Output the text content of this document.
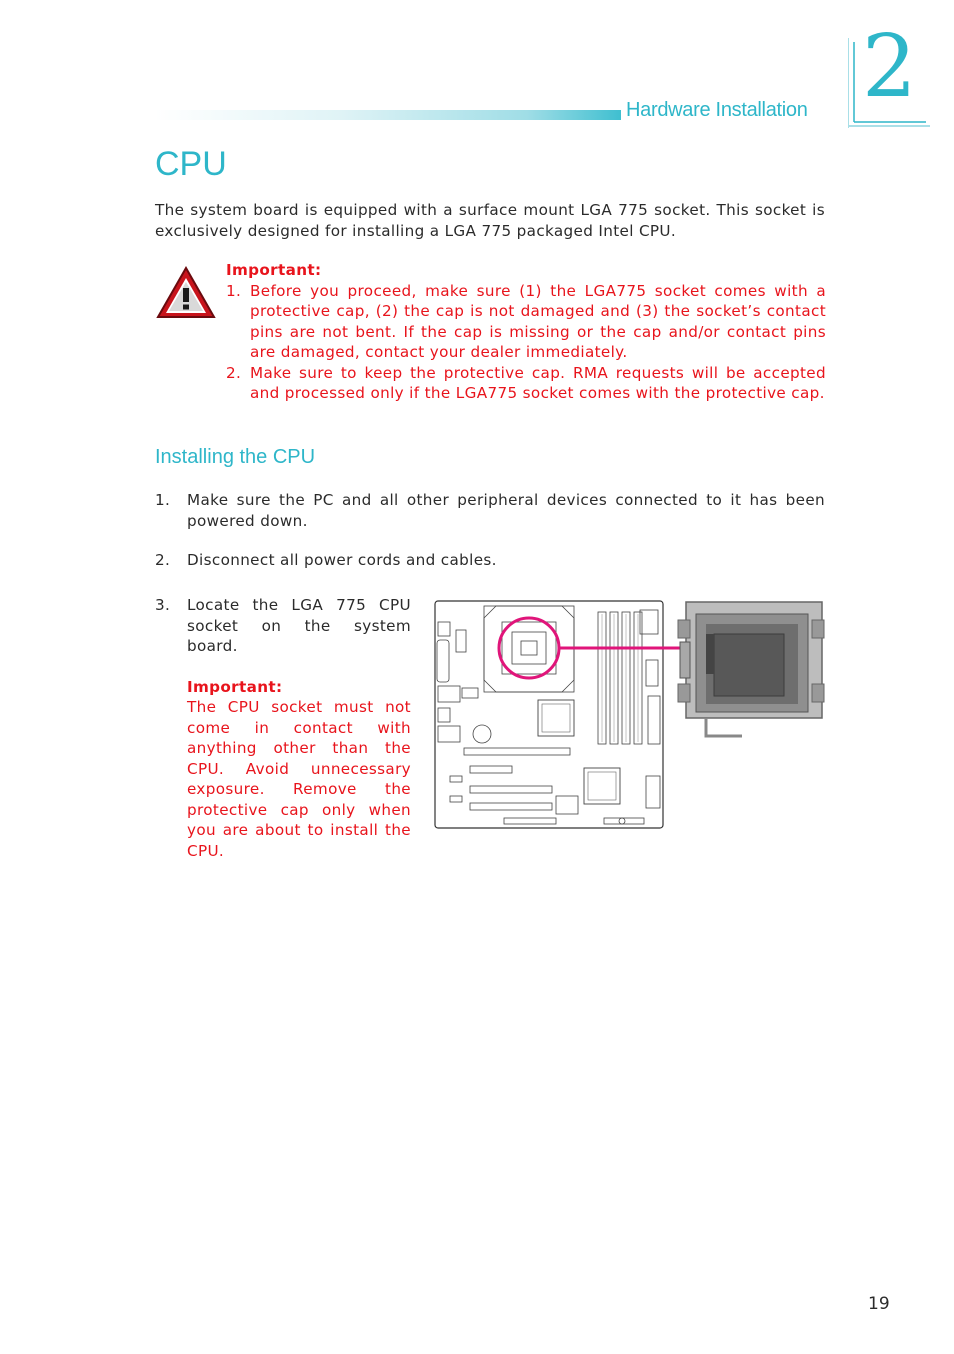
Hardware Installation 2
CPU
The system board is equipped with a surface mount LGA 775 socket. This socket is exclusively designed for installing a LGA 775 packaged Intel CPU.
Important:
1. Before you proceed, make sure (1) the LGA775 socket comes with a protective cap, (2) the cap is not damaged and (3) the socket’s contact pins are not bent. If the cap is missing or the cap and/or contact pins are damaged, contact your dealer immediately.
2. Make sure to keep the protective cap. RMA requests will be accepted and processed only if the LGA775 socket comes with the protective cap.
Installing the CPU
1.	Make sure the PC and all other peripheral devices connected to it has been powered down.
2.	Disconnect all power cords and cables.
3.	Locate the LGA 775 CPU socket on the system board.
Important:
The CPU socket must not come in contact with anything other than the CPU. Avoid unnecessary exposure. Remove the protective cap only when you are about to install the CPU.
19
